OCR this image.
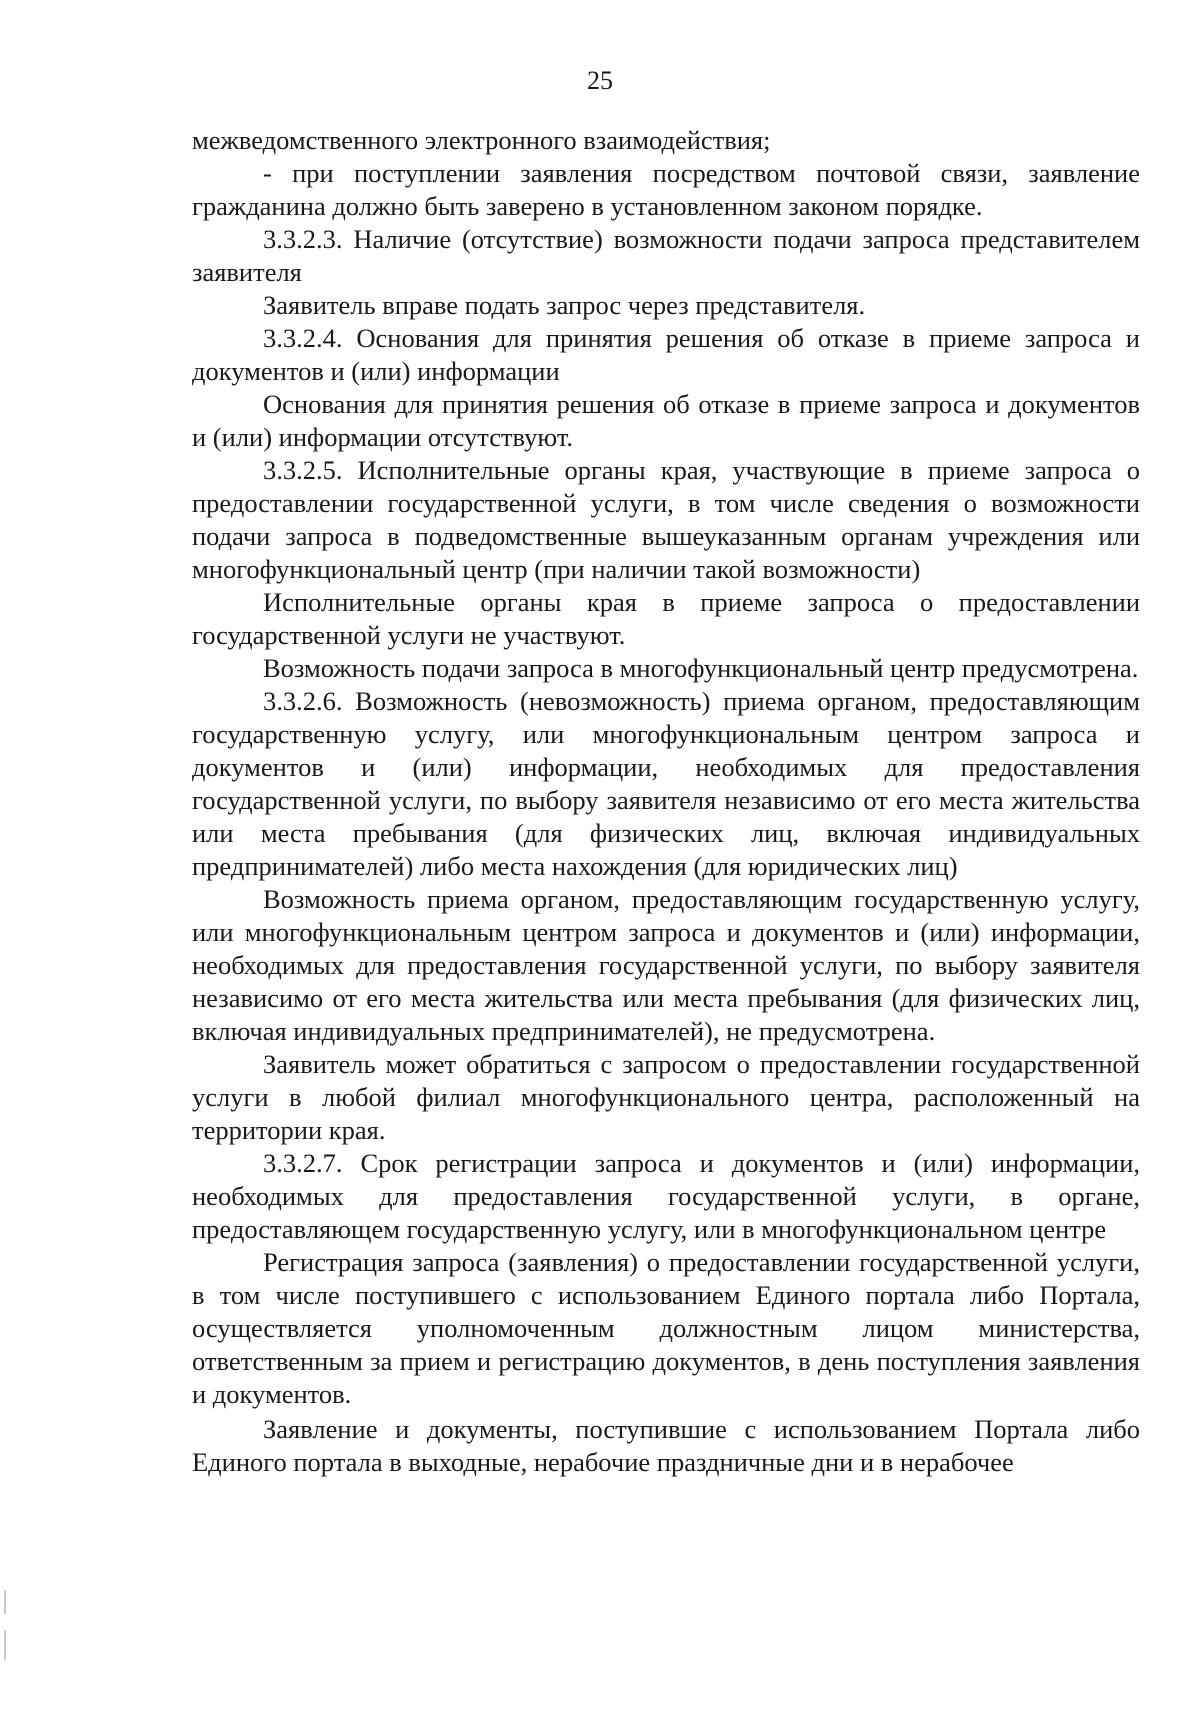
25

межведомственного электронного взаимодействия;

- при поступлении заявления посредством почтовой связи, заявление гражданина должно быть заверено в установленном законом порядке.

3.3.2.3. Наличие (отсутствие) возможности подачи запроса представителем заявителя

Заявитель вправе подать запрос через представителя.

3.3.2.4. Основания для принятия решения об отказе в приеме запроса и документов и (или) информации

Основания для принятия решения об отказе в приеме запроса и документов и (или) информации отсутствуют.

3.3.2.5. Исполнительные органы края, участвующие в приеме запроса о предоставлении государственной услуги, в том числе сведения о возможности подачи запроса в подведомственные вышеуказанным органам учреждения или многофункциональный центр (при наличии такой возможности)

Исполнительные органы края в приеме запроса о предоставлении государственной услуги не участвуют.

Возможность подачи запроса в многофункциональный центр предусмотрена.

3.3.2.6. Возможность (невозможность) приема органом, предоставляющим государственную услугу, или многофункциональным центром запроса и документов и (или) информации, необходимых для предоставления государственной услуги, по выбору заявителя независимо от его места жительства или места пребывания (для физических лиц, включая индивидуальных предпринимателей) либо места нахождения (для юридических лиц)

Возможность приема органом, предоставляющим государственную услугу, или многофункциональным центром запроса и документов и (или) информации, необходимых для предоставления государственной услуги, по выбору заявителя независимо от его места жительства или места пребывания (для физических лиц, включая индивидуальных предпринимателей), не предусмотрена.

Заявитель может обратиться с запросом о предоставлении государственной услуги в любой филиал многофункционального центра, расположенный на территории края.

3.3.2.7. Срок регистрации запроса и документов и (или) информации, необходимых для предоставления государственной услуги, в органе, предоставляющем государственную услугу, или в многофункциональном центре

Регистрация запроса (заявления) о предоставлении государственной услуги, в том числе поступившего с использованием Единого портала либо Портала, осуществляется уполномоченным должностным лицом министерства, ответственным за прием и регистрацию документов, в день поступления заявления и документов.

Заявление и документы, поступившие с использованием Портала либо Единого портала в выходные, нерабочие праздничные дни и в нерабочее
